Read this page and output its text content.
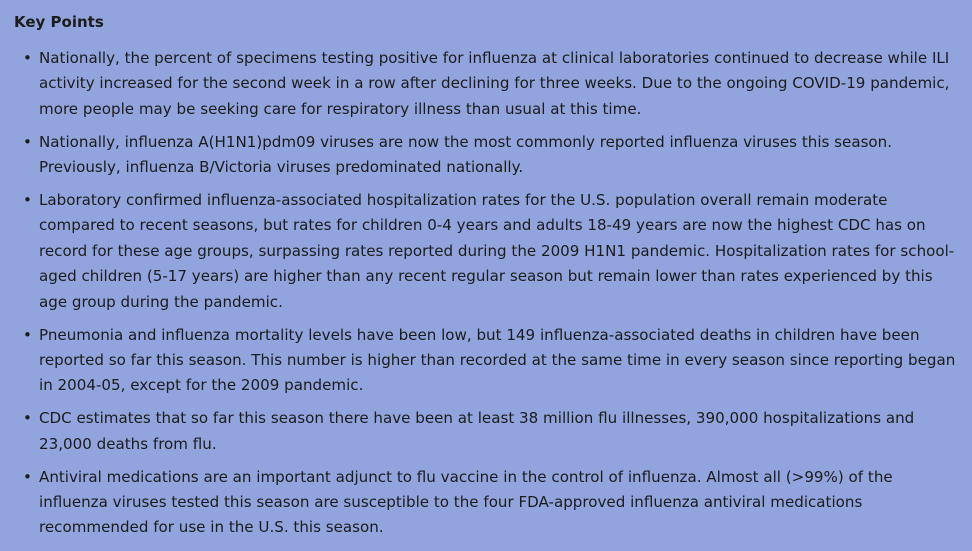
Key Points
• Nationally, the percent of specimens testing positive for influenza at clinical laboratories continued to decrease while ILI activity increased for the second week in a row after declining for three weeks. Due to the ongoing COVID-19 pandemic, more people may be seeking care for respiratory illness than usual at this time.
• Nationally, influenza A(H1N1)pdm09 viruses are now the most commonly reported influenza viruses this season. Previously, influenza B/Victoria viruses predominated nationally.
• Laboratory confirmed influenza-associated hospitalization rates for the U.S. population overall remain moderate compared to recent seasons, but rates for children 0-4 years and adults 18-49 years are now the highest CDC has on record for these age groups, surpassing rates reported during the 2009 H1N1 pandemic. Hospitalization rates for school-aged children (5-17 years) are higher than any recent regular season but remain lower than rates experienced by this age group during the pandemic.
• Pneumonia and influenza mortality levels have been low, but 149 influenza-associated deaths in children have been reported so far this season. This number is higher than recorded at the same time in every season since reporting began in 2004-05, except for the 2009 pandemic.
• CDC estimates that so far this season there have been at least 38 million flu illnesses, 390,000 hospitalizations and 23,000 deaths from flu.
• Antiviral medications are an important adjunct to flu vaccine in the control of influenza. Almost all (>99%) of the influenza viruses tested this season are susceptible to the four FDA-approved influenza antiviral medications recommended for use in the U.S. this season.
